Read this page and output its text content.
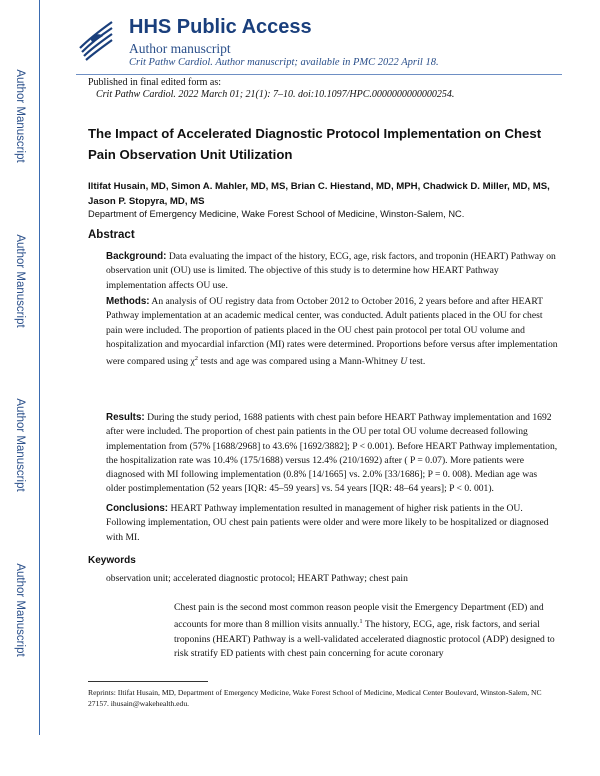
Author Manuscript
Author Manuscript
Author Manuscript
Author Manuscript
HHS Public Access
Author manuscript
Crit Pathw Cardiol. Author manuscript; available in PMC 2022 April 18.
Published in final edited form as:
Crit Pathw Cardiol. 2022 March 01; 21(1): 7–10. doi:10.1097/HPC.0000000000000254.
The Impact of Accelerated Diagnostic Protocol Implementation on Chest Pain Observation Unit Utilization
Iltifat Husain, MD, Simon A. Mahler, MD, MS, Brian C. Hiestand, MD, MPH, Chadwick D. Miller, MD, MS, Jason P. Stopyra, MD, MS
Department of Emergency Medicine, Wake Forest School of Medicine, Winston-Salem, NC.
Abstract
Background: Data evaluating the impact of the history, ECG, age, risk factors, and troponin (HEART) Pathway on observation unit (OU) use is limited. The objective of this study is to determine how HEART Pathway implementation affects OU use.
Methods: An analysis of OU registry data from October 2012 to October 2016, 2 years before and after HEART Pathway implementation at an academic medical center, was conducted. Adult patients placed in the OU for chest pain were included. The proportion of patients placed in the OU chest pain protocol per total OU volume and hospitalization and myocardial infarction (MI) rates were determined. Proportions before versus after implementation were compared using $\chi^2$ tests and age was compared using a Mann-Whitney U test.
Results: During the study period, 1688 patients with chest pain before HEART Pathway implementation and 1692 after were included. The proportion of chest pain patients in the OU per total OU volume decreased following implementation from (57% [1688/2968] to 43.6% [1692/3882]; P < 0.001). Before HEART Pathway implementation, the hospitalization rate was 10.4% (175/1688) versus 12.4% (210/1692) after ( P = 0.07). More patients were diagnosed with MI following implementation (0.8% [14/1665] vs. 2.0% [33/1686]; P = 0. 008). Median age was older postimplementation (52 years [IQR: 45–59 years] vs. 54 years [IQR: 48–64 years]; P < 0. 001).
Conclusions: HEART Pathway implementation resulted in management of higher risk patients in the OU. Following implementation, OU chest pain patients were older and were more likely to be hospitalized or diagnosed with MI.
Keywords
observation unit; accelerated diagnostic protocol; HEART Pathway; chest pain
Chest pain is the second most common reason people visit the Emergency Department (ED) and accounts for more than 8 million visits annually.$^1$ The history, ECG, age, risk factors, and serial troponins (HEART) Pathway is a well-validated accelerated diagnostic protocol (ADP) designed to risk stratify ED patients with chest pain concerning for acute coronary
Reprints: Iltifat Husain, MD, Department of Emergency Medicine, Wake Forest School of Medicine, Medical Center Boulevard, Winston-Salem, NC 27157. ihusain@wakehealth.edu.
